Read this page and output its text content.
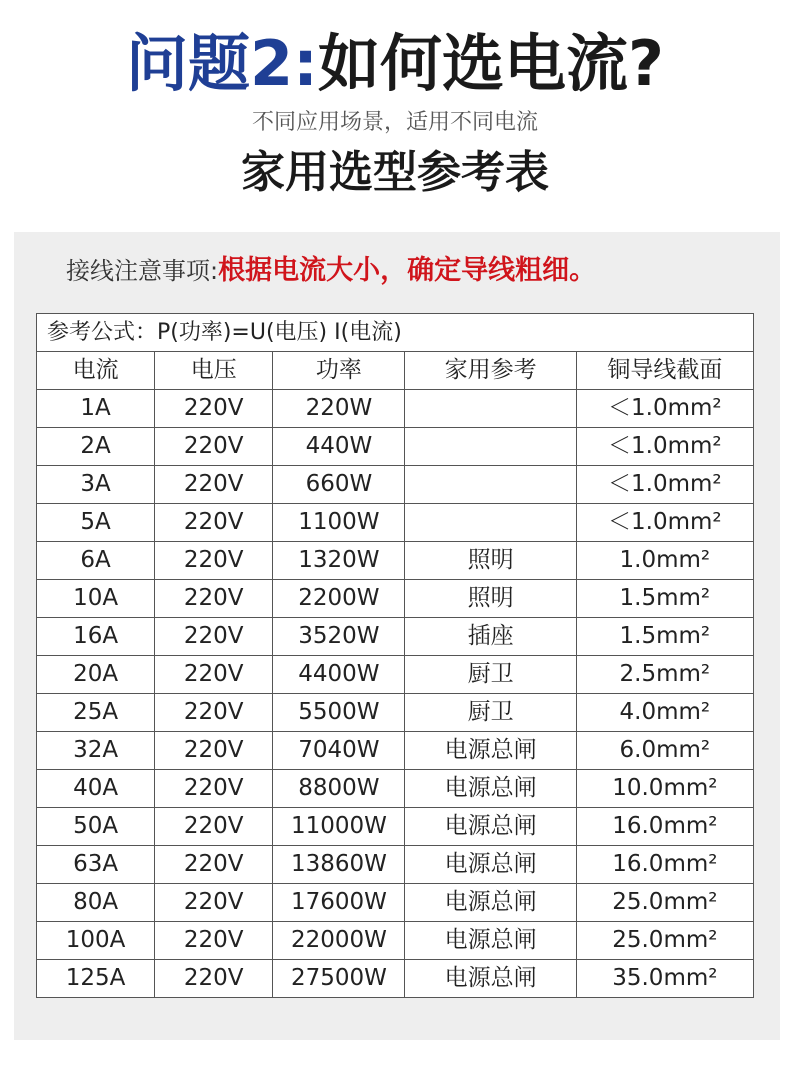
问题2:如何选电流?
不同应用场景，适用不同电流
家用选型参考表
接线注意事项:根据电流大小，确定导线粗细。
参考公式：P(功率)=U(电压) I(电流)				
电流	电压	功率	家用参考	铜导线截面
1A	220V	220W		＜1.0mm²
2A	220V	440W		＜1.0mm²
3A	220V	660W		＜1.0mm²
5A	220V	1100W		＜1.0mm²
6A	220V	1320W	照明	1.0mm²
10A	220V	2200W	照明	1.5mm²
16A	220V	3520W	插座	1.5mm²
20A	220V	4400W	厨卫	2.5mm²
25A	220V	5500W	厨卫	4.0mm²
32A	220V	7040W	电源总闸	6.0mm²
40A	220V	8800W	电源总闸	10.0mm²
50A	220V	11000W	电源总闸	16.0mm²
63A	220V	13860W	电源总闸	16.0mm²
80A	220V	17600W	电源总闸	25.0mm²
100A	220V	22000W	电源总闸	25.0mm²
125A	220V	27500W	电源总闸	35.0mm²
